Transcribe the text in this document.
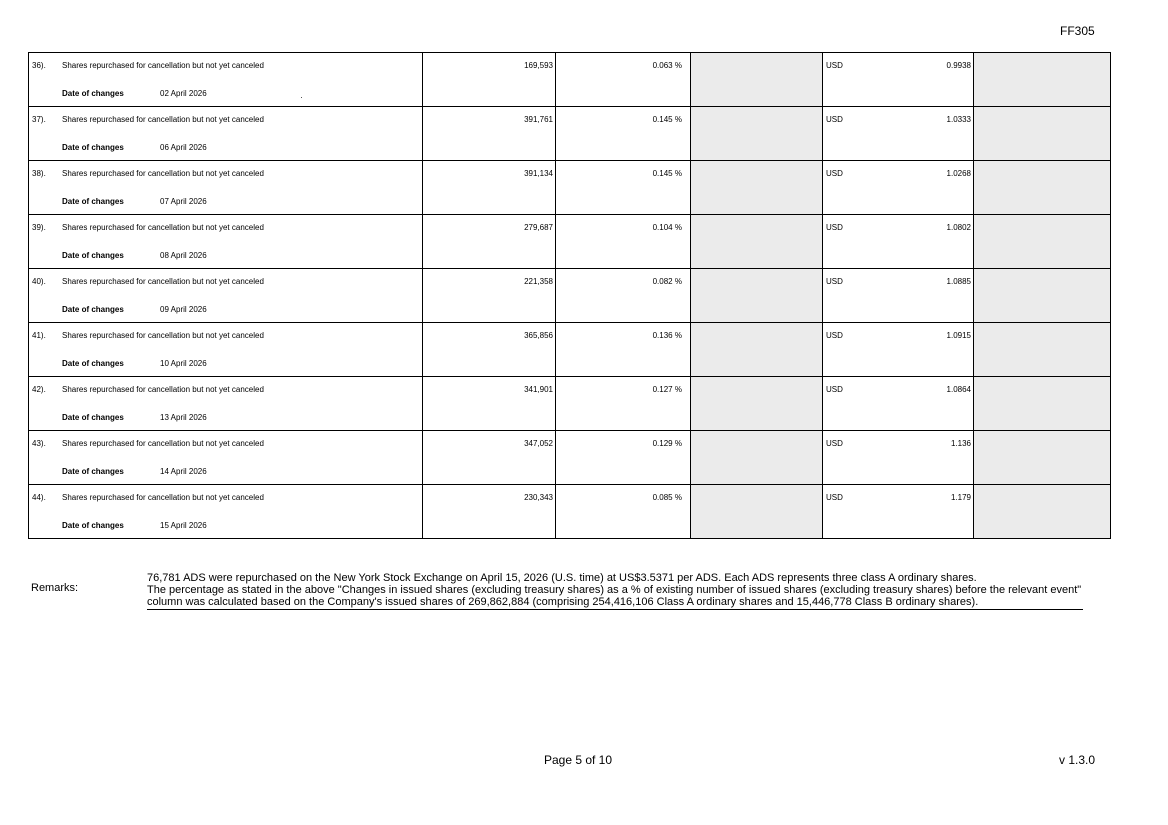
FF305
36). Shares repurchased for cancellation but not yet canceled
Date of changes 02 April 2026	169,593	0.063 %		USD 0.9938	

37). Shares repurchased for cancellation but not yet canceled
Date of changes 06 April 2026	391,761	0.145 %		USD 1.0333	

38). Shares repurchased for cancellation but not yet canceled
Date of changes 07 April 2026	391,134	0.145 %		USD 1.0268	

39). Shares repurchased for cancellation but not yet canceled
Date of changes 08 April 2026	279,687	0.104 %		USD 1.0802	

40). Shares repurchased for cancellation but not yet canceled
Date of changes 09 April 2026	221,358	0.082 %		USD 1.0885	

41). Shares repurchased for cancellation but not yet canceled
Date of changes 10 April 2026	365,856	0.136 %		USD 1.0915	

42). Shares repurchased for cancellation but not yet canceled
Date of changes 13 April 2026	341,901	0.127 %		USD 1.0864	

43). Shares repurchased for cancellation but not yet canceled
Date of changes 14 April 2026	347,052	0.129 %		USD 1.136	

44). Shares repurchased for cancellation but not yet canceled
Date of changes 15 April 2026	230,343	0.085 %		USD 1.179	

Remarks:

76,781 ADS were repurchased on the New York Stock Exchange on April 15, 2026 (U.S. time) at US$3.5371 per ADS. Each ADS represents three class A ordinary shares.

The percentage as stated in the above "Changes in issued shares (excluding treasury shares) as a % of existing number of issued shares (excluding treasury shares) before the relevant event" column was calculated based on the Company's issued shares of 269,862,884 (comprising 254,416,106 Class A ordinary shares and 15,446,778 Class B ordinary shares).

Page 5 of 10	v 1.3.0
